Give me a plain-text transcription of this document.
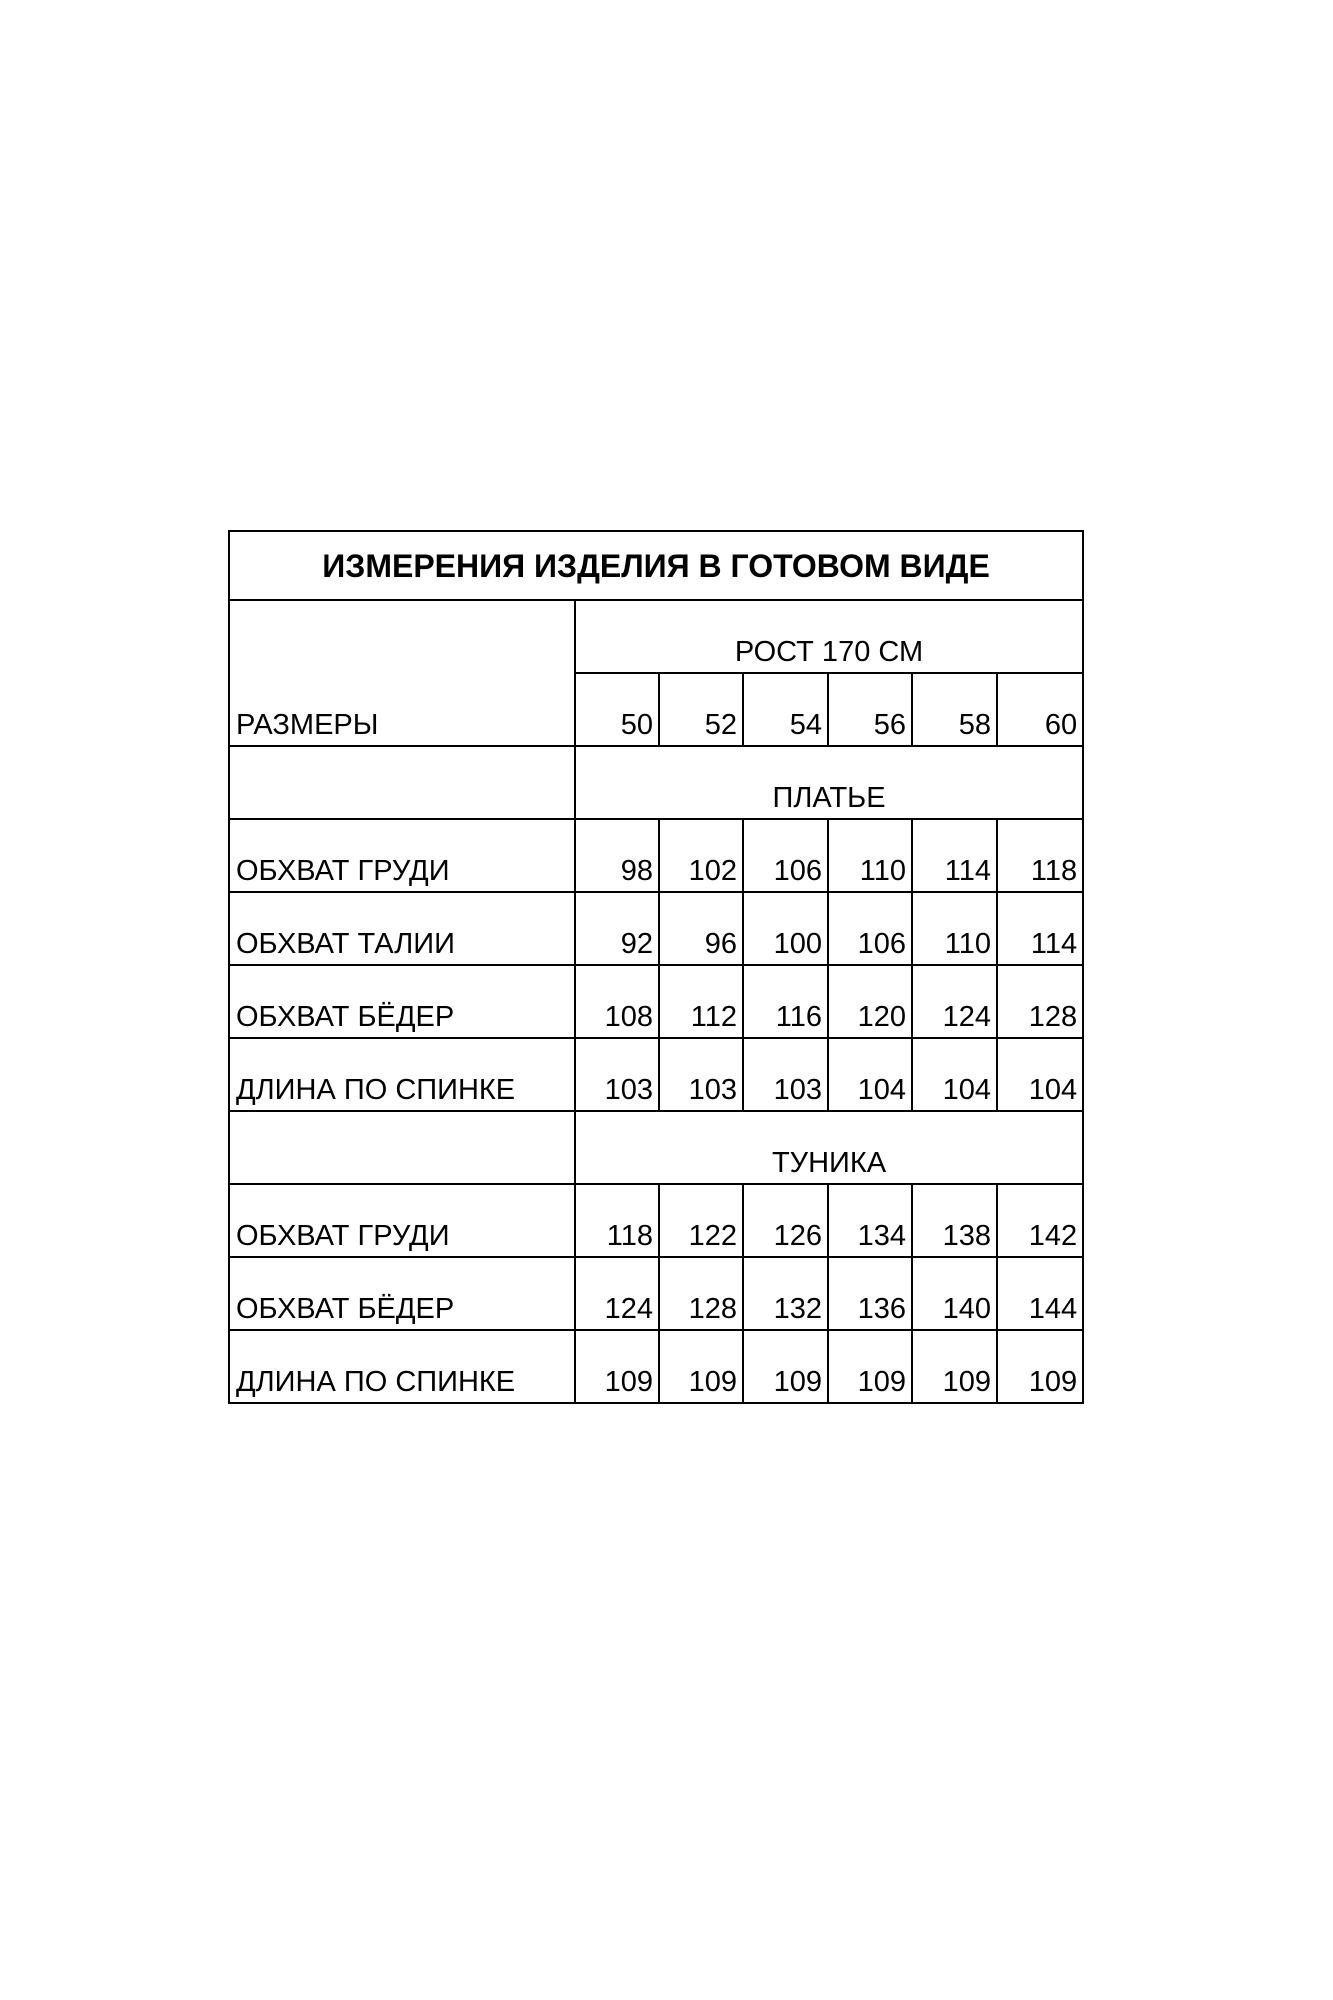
ИЗМЕРЕНИЯ ИЗДЕЛИЯ В ГОТОВОМ ВИДЕ						
	РОСТ 170 СМ					
РАЗМЕРЫ	50	52	54	56	58	60
	ПЛАТЬЕ					
ОБХВАТ ГРУДИ	98	102	106	110	114	118
ОБХВАТ ТАЛИИ	92	96	100	106	110	114
ОБХВАТ БЁДЕР	108	112	116	120	124	128
ДЛИНА ПО СПИНКЕ	103	103	103	104	104	104
	ТУНИКА					
ОБХВАТ ГРУДИ	118	122	126	134	138	142
ОБХВАТ БЁДЕР	124	128	132	136	140	144
ДЛИНА ПО СПИНКЕ	109	109	109	109	109	109
